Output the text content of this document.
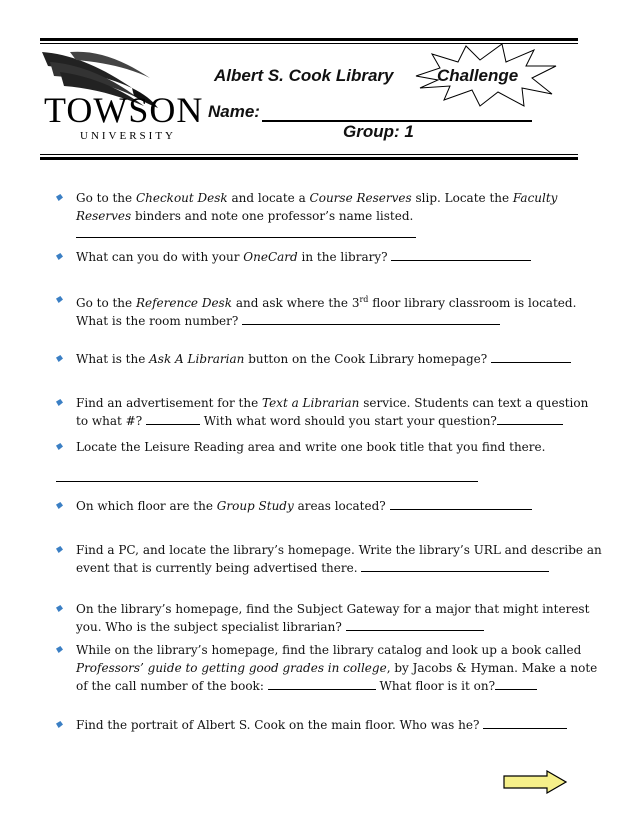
TOWSON
UNIVERSITY
Albert S. Cook Library	Challenge
Name:
Group: 1
Go to the Checkout Desk and locate a Course Reserves slip. Locate the Faculty Reserves binders and note one professor’s name listed.
What can you do with your OneCard in the library?
Go to the Reference Desk and ask where the 3rd floor library classroom is located. What is the room number?
What is the Ask A Librarian button on the Cook Library homepage?
Find an advertisement for the Text a Librarian service. Students can text a question to what #?	With what word should you start your question?
Locate the Leisure Reading area and write one book title that you find there.
On which floor are the Group Study areas located?
Find a PC, and locate the library’s homepage. Write the library’s URL and describe an event that is currently being advertised there.
On the library’s homepage, find the Subject Gateway for a major that might interest you. Who is the subject specialist librarian?
While on the library’s homepage, find the library catalog and look up a book called Professors’ guide to getting good grades in college, by Jacobs & Hyman. Make a note of the call number of the book:	What floor is it on?
Find the portrait of Albert S. Cook on the main floor. Who was he?
